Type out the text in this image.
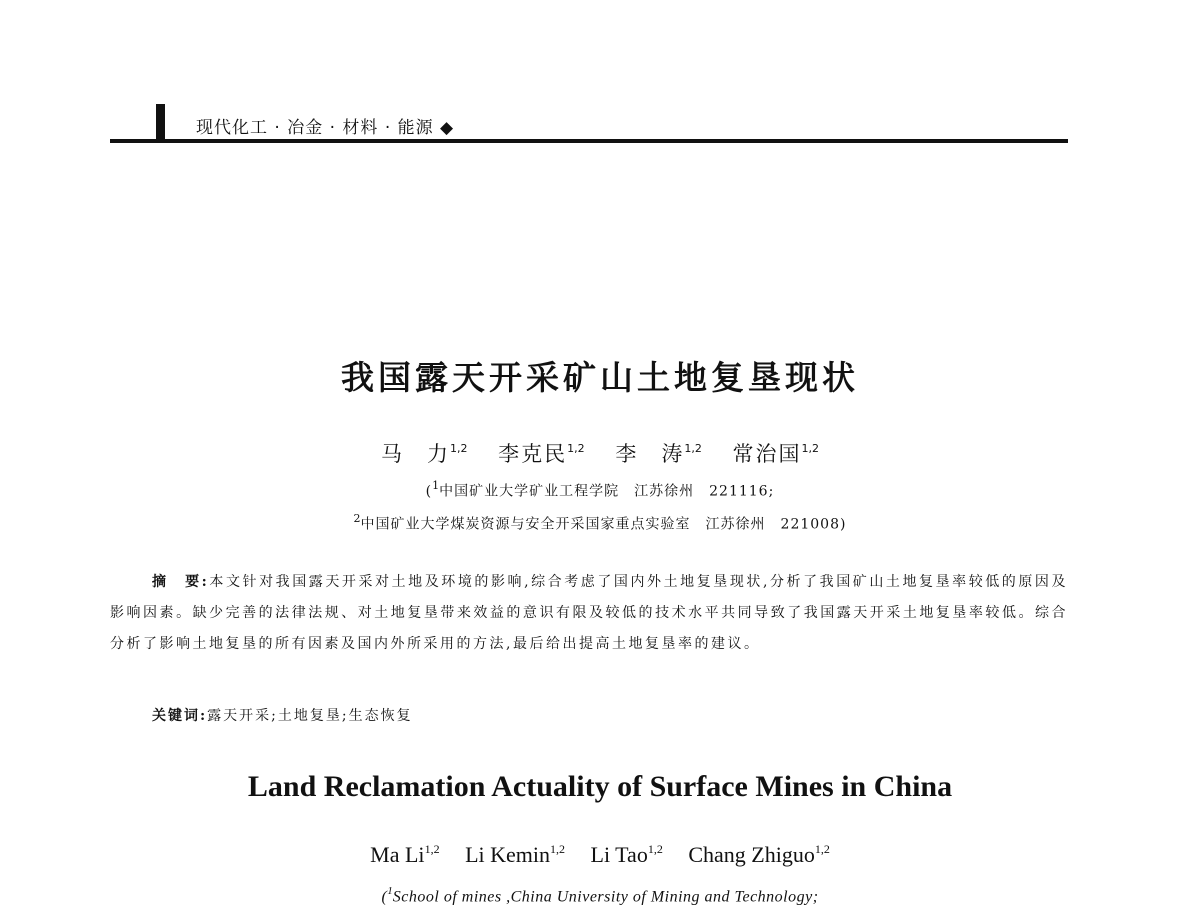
现代化工 · 冶金 · 材料 · 能源 ◆
我国露天开采矿山土地复垦现状
马　力$^{1,2}$ 李克民$^{1,2}$ 李　涛$^{1,2}$ 常治国$^{1,2}$
($^1$中国矿业大学矿业工程学院　江苏徐州　221116;
$^2$中国矿业大学煤炭资源与安全开采国家重点实验室　江苏徐州　221008)

摘　要:本文针对我国露天开采对土地及环境的影响,综合考虑了国内外土地复垦现状,分析了我国矿山土地复垦率较低的原因及影响因素。缺少完善的法律法规、对土地复垦带来效益的意识有限及较低的技术水平共同导致了我国露天开采土地复垦率较低。综合分析了影响土地复垦的所有因素及国内外所采用的方法,最后给出提高土地复垦率的建议。

关键词:露天开采;土地复垦;生态恢复
Land Reclamation Actuality of Surface Mines in China
Ma Li$^{1,2}$ Li Kemin$^{1,2}$ Li Tao$^{1,2}$ Chang Zhiguo$^{1,2}$
($^1$School of mines ,China University of Mining and Technology;
